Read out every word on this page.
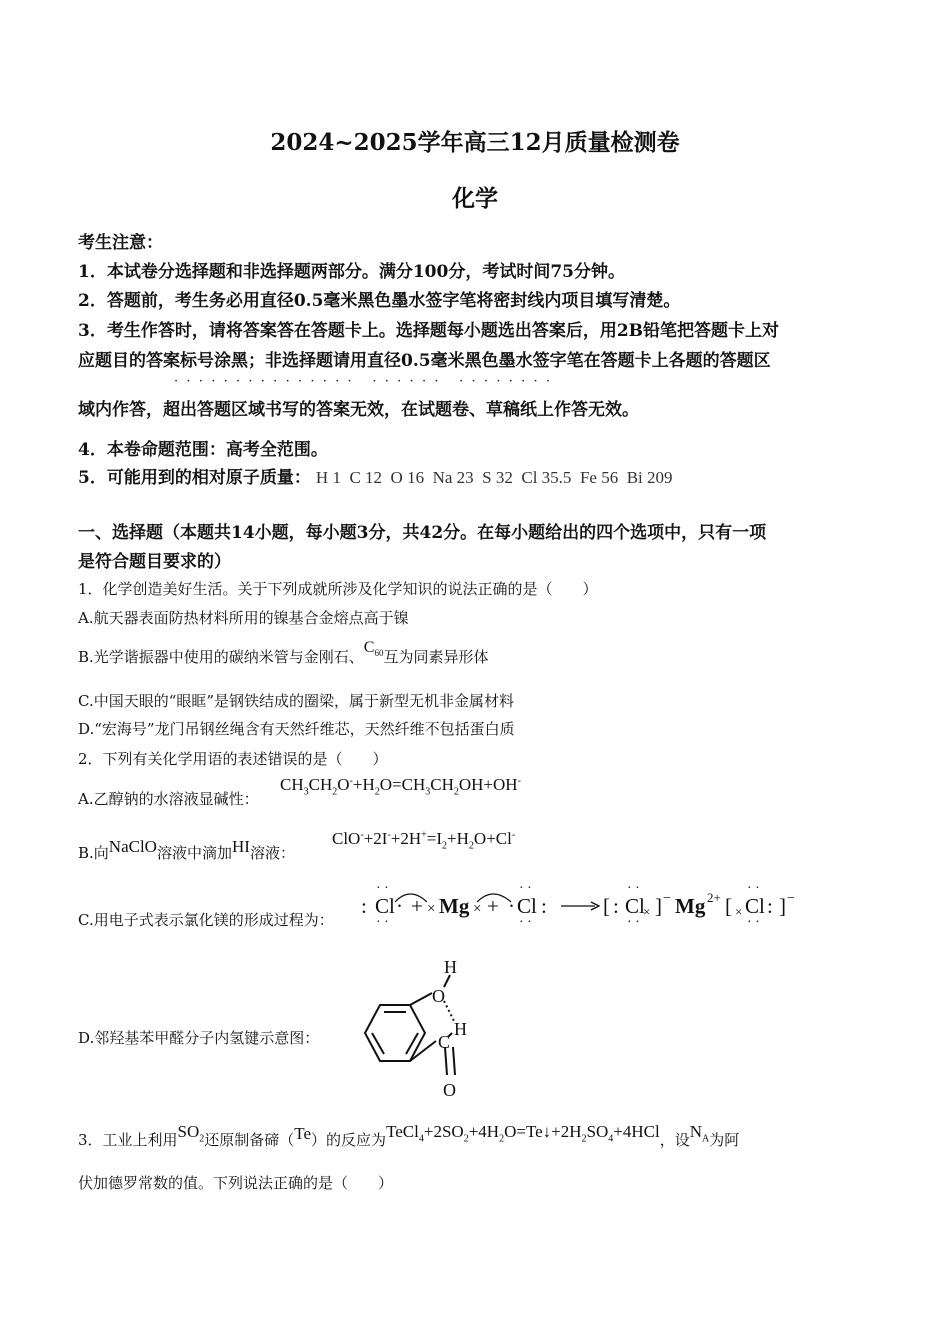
2024~2025学年高三12月质量检测卷
化学
考生注意：
1．本试卷分选择题和非选择题两部分。满分100分，考试时间75分钟。
2．答题前，考生务必用直径0.5毫米黑色墨水签字笔将密封线内项目填写清楚。
3．考生作答时，请将答案答在答题卡上。选择题每小题选出答案后，用2B铅笔把答题卡上对
应题目的答案标号涂黑；非选择题请用直径0.5毫米黑色墨水签字笔在答题卡上各题的答题区
·  ·  ·  ·  ·  ·  ·  ·  ·  ·  ·  ·  ·  ·  ·     ·  ·  ·  ·  ·  ·     ·  ·  ·  ·  ·  ·  ·  ·
域内作答，超出答题区域书写的答案无效，在试题卷、草稿纸上作答无效。
4．本卷命题范围：高考全范围。
5．可能用到的相对原子质量： H 1 C 12 O 16 Na 23 S 32 Cl 35.5 Fe 56 Bi 209
一、选择题（本题共14小题，每小题3分，共42分。在每小题给出的四个选项中，只有一项
是符合题目要求的）
1．化学创造美好生活。关于下列成就所涉及化学知识的说法正确的是（　　）
A.航天器表面防热材料所用的镍基合金熔点高于镍
B.光学谐振器中使用的碳纳米管与金刚石、$C_{60}$互为同素异形体
C.中国天眼的“眼眶”是钢铁结成的圈梁，属于新型无机非金属材料
D.“宏海号”龙门吊钢丝绳含有天然纤维芯，天然纤维不包括蛋白质
2．下列有关化学用语的表述错误的是（　　）
A.乙醇钠的水溶液显碱性：
$CH_3CH_2O^-+H_2O=CH_3CH_2OH+OH^-$
B.向NaClO溶液中滴加HI溶液：
$ClO^-+2I^-+2H^+=I_2+H_2O+Cl^-$
C.用电子式表示氯化镁的形成过程为：
: Cl ·
· ·
· ·
+ × Mg × + · Cl :
· ·
· ·
[ : Cl
×
· ·
· ·
] − Mg 2+ [ × Cl :
· ·
· ·
] −
D.邻羟基苯甲醛分子内氢键示意图：
H
O
H
C
O
3．工业上利用$SO_2$还原制备碲（Te）的反应为$TeCl_4+2SO_2+4H_2O=Te↓+2H_2SO_4+4HCl$，设$N_A$为阿
伏加德罗常数的值。下列说法正确的是（　　）
